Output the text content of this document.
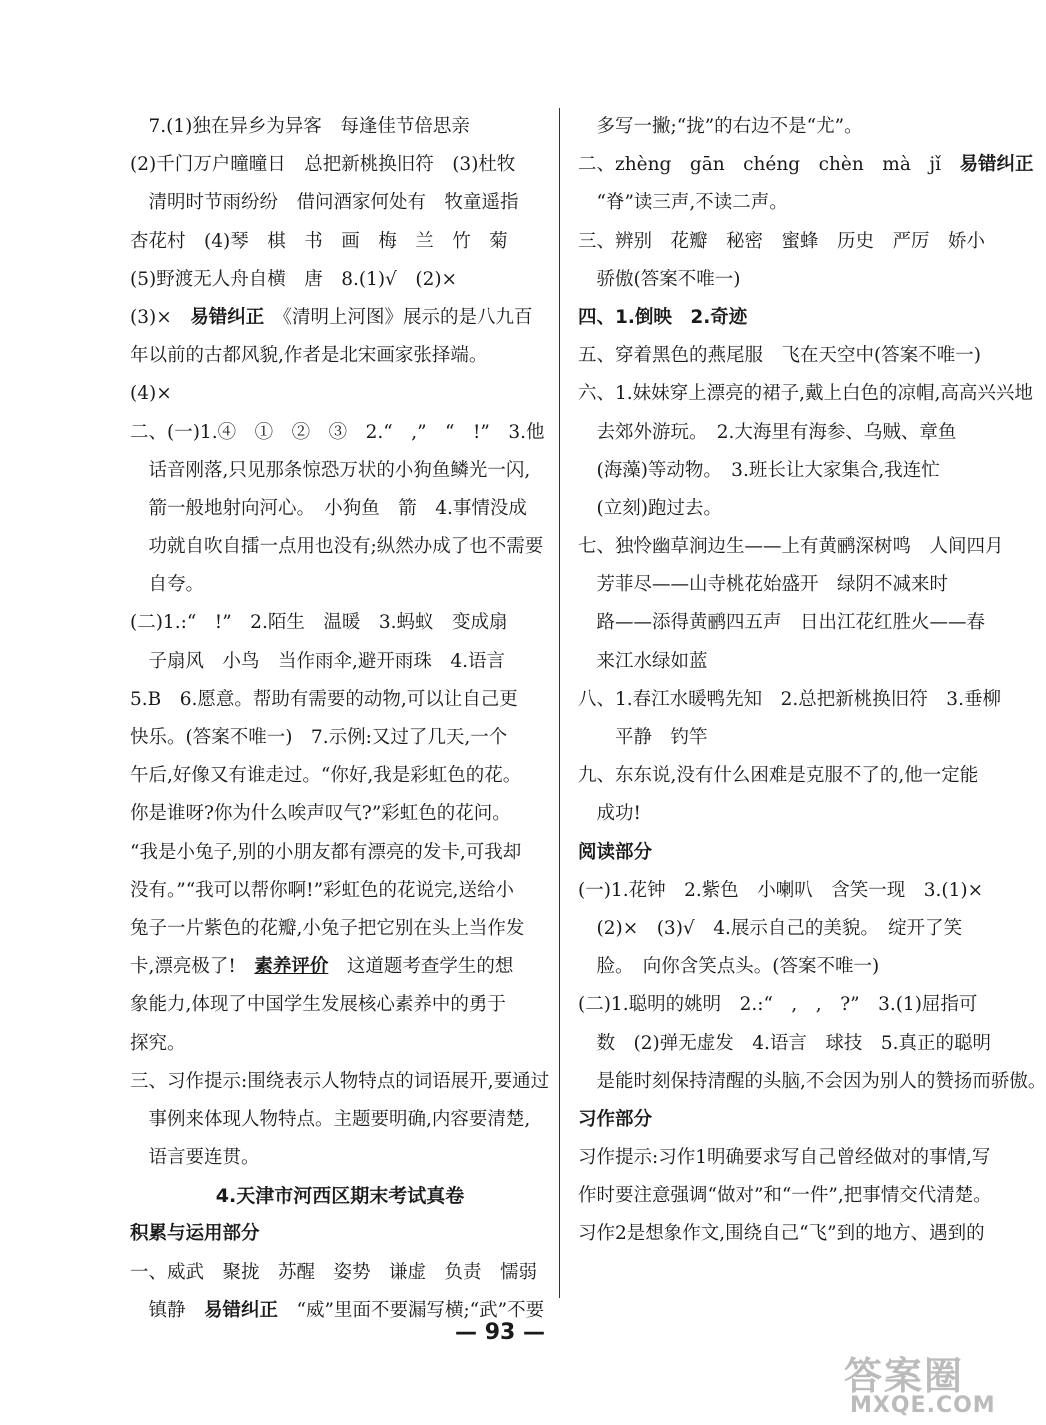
　7.(1)独在异乡为异客　每逢佳节倍思亲
(2)千门万户曈曈日　总把新桃换旧符　(3)杜牧
　清明时节雨纷纷　借问酒家何处有　牧童遥指
杏花村　(4)琴　棋　书　画　梅　兰　竹　菊
(5)野渡无人舟自横　唐　8.(1)√　(2)×
(3)×　易错纠正　《清明上河图》展示的是八九百
年以前的古都风貌,作者是北宋画家张择端。
(4)×
二、(一)1.④　①　②　③　2.“　,”　“　!”　3.他
　话音刚落,只见那条惊恐万状的小狗鱼鳞光一闪,
　箭一般地射向河心。　小狗鱼　箭　4.事情没成
　功就自吹自擂一点用也没有;纵然办成了也不需要
　自夸。
(二)1.:“　!”　2.陌生　温暖　3.蚂蚁　变成扇
　子扇风　小鸟　当作雨伞,避开雨珠　4.语言
5.B　6.愿意。帮助有需要的动物,可以让自己更
快乐。(答案不唯一)　7.示例:又过了几天,一个
午后,好像又有谁走过。“你好,我是彩虹色的花。
你是谁呀?你为什么唉声叹气?”彩虹色的花问。
“我是小兔子,别的小朋友都有漂亮的发卡,可我却
没有。”“我可以帮你啊!”彩虹色的花说完,送给小
兔子一片紫色的花瓣,小兔子把它别在头上当作发
卡,漂亮极了!　素养评价　这道题考查学生的想
象能力,体现了中国学生发展核心素养中的勇于
探究。
三、习作提示:围绕表示人物特点的词语展开,要通过
　事例来体现人物特点。主题要明确,内容要清楚,
　语言要连贯。
4.天津市河西区期末考试真卷
积累与运用部分
一、威武　聚拢　苏醒　姿势　谦虚　负责　懦弱
　镇静　易错纠正　“威”里面不要漏写横;“武”不要
　多写一撇;“拢”的右边不是“尤”。
二、zhèng　gān　chéng　chèn　mà　jǐ　易错纠正
　“脊”读三声,不读二声。
三、辨别　花瓣　秘密　蜜蜂　历史　严厉　娇小
　骄傲(答案不唯一)
四、1.倒映　2.奇迹
五、穿着黑色的燕尾服　飞在天空中(答案不唯一)
六、1.妹妹穿上漂亮的裙子,戴上白色的凉帽,高高兴兴地
　去郊外游玩。　2.大海里有海参、乌贼、章鱼
　(海藻)等动物。　3.班长让大家集合,我连忙
　(立刻)跑过去。
七、独怜幽草涧边生——上有黄鹂深树鸣　人间四月
　芳菲尽——山寺桃花始盛开　绿阴不减来时
　路——添得黄鹂四五声　日出江花红胜火——春
　来江水绿如蓝
八、1.春江水暖鸭先知　2.总把新桃换旧符　3.垂柳
　　平静　钓竿
九、东东说,没有什么困难是克服不了的,他一定能
　成功!
阅读部分
(一)1.花钟　2.紫色　小喇叭　含笑一现　3.(1)×
　(2)×　(3)√　4.展示自己的美貌。　绽开了笑
　脸。　向你含笑点头。(答案不唯一)
(二)1.聪明的姚明　2.:“　,　,　?”　3.(1)屈指可
　数　(2)弹无虚发　4.语言　球技　5.真正的聪明
　是能时刻保持清醒的头脑,不会因为别人的赞扬而骄傲。
习作部分
习作提示:习作1明确要求写自己曾经做对的事情,写
作时要注意强调“做对”和“一件”,把事情交代清楚。
习作2是想象作文,围绕自己“飞”到的地方、遇到的
— 93 —
答案圈
MXQE.COM
